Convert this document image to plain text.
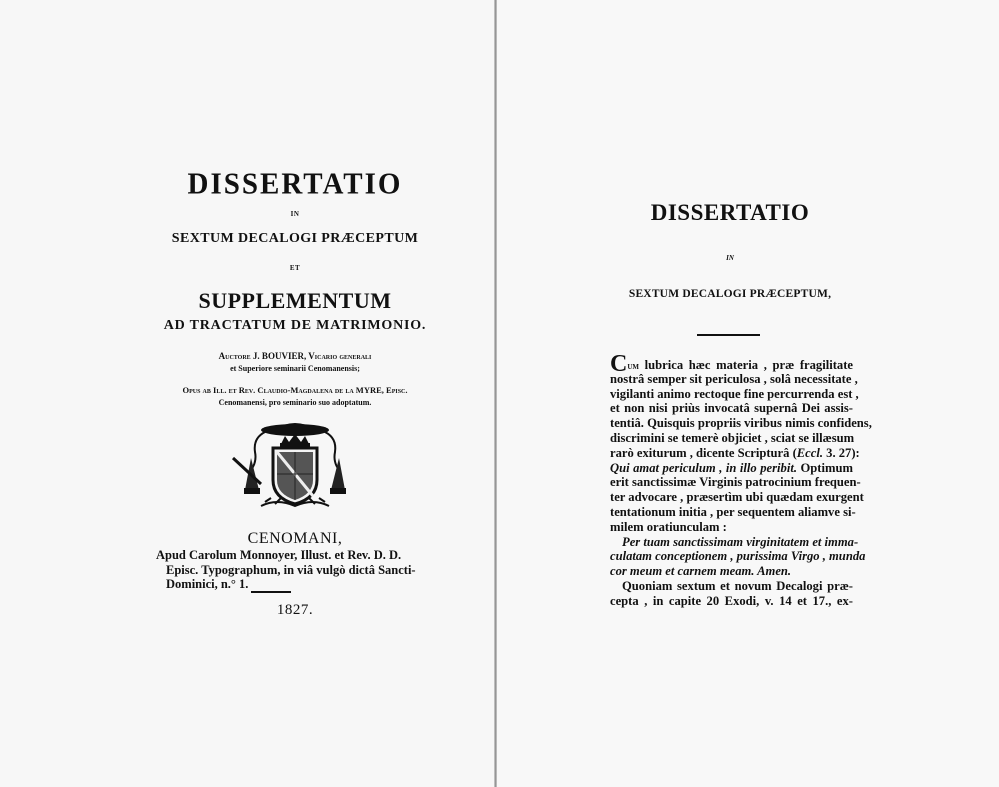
DISSERTATIO
IN
SEXTUM DECALOGI PRÆCEPTUM
ET
SUPPLEMENTUM
AD TRACTATUM DE MATRIMONIO.
Auctore J. BOUVIER, Vicario generali
et Superiore seminarii Cenomanensis;
Opus ab Ill. et Rev. Claudio-Magdalena de la MYRE, Episc.
Cenomanensi, pro seminario suo adoptatum.
CENOMANI,
Apud Carolum Monnoyer, Illust. et Rev. D. D.
Episc. Typographum, in viâ vulgò dictâ Sancti-
Dominici, n.° 1.
1827.
DISSERTATIO
IN
SEXTUM DECALOGI PRÆCEPTUM,
Cum lubrica hæc materia , præ fragilitate
nostrâ semper sit periculosa , solâ necessitate ,
vigilanti animo rectoque fine percurrenda est ,
et non nisi priùs invocatâ supernâ Dei assis-
tentiâ. Quisquis propriis viribus nimis confidens,
discrimini se temerè objiciet , sciat se illæsum
rarò exiturum , dicente Scripturâ (Eccl. 3. 27):
Qui amat periculum , in illo peribit. Optimum
erit sanctissimæ Virginis patrocinium frequen-
ter advocare , præsertìm ubi quædam exurgent
tentationum initia , per sequentem aliamve si-
milem oratiunculam :
Per tuam sanctissimam virginitatem et imma-
culatam conceptionem , purissima Virgo , munda
cor meum et carnem meam. Amen.
Quoniam sextum et novum Decalogi præ-
cepta , in capite 20 Exodi, v. 14 et 17., ex-
